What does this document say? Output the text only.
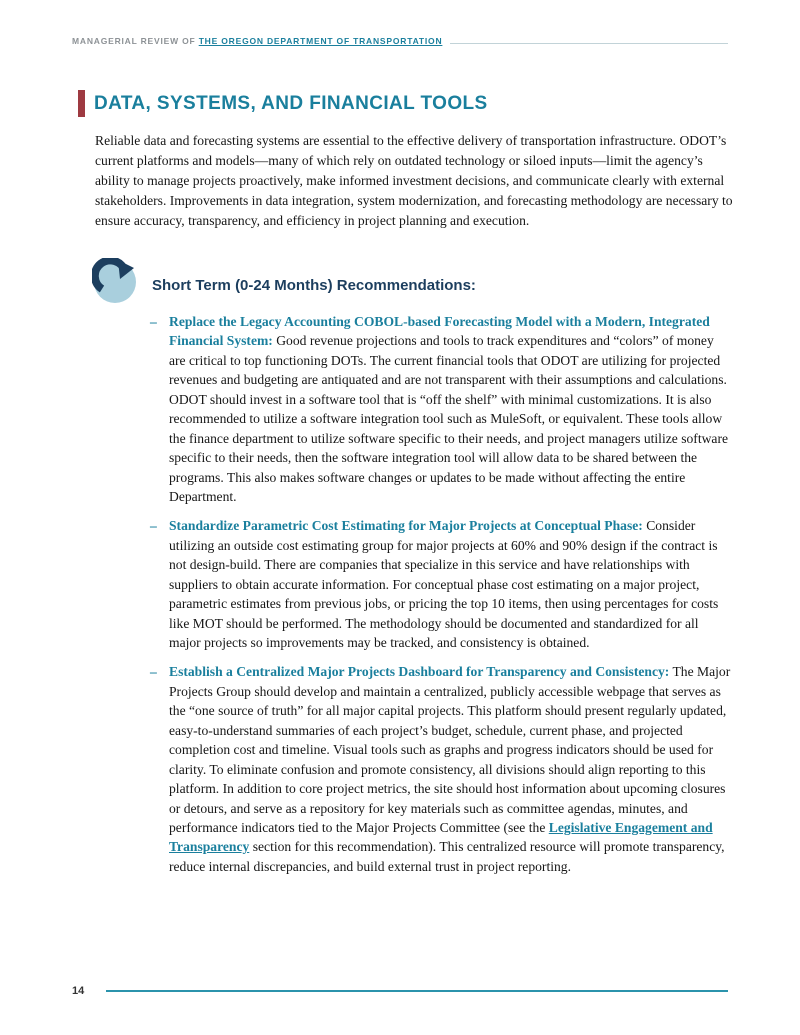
MANAGERIAL REVIEW OF THE OREGON DEPARTMENT OF TRANSPORTATION
DATA, SYSTEMS, AND FINANCIAL TOOLS

Reliable data and forecasting systems are essential to the effective delivery of transportation infrastructure. ODOT’s current platforms and models—many of which rely on outdated technology or siloed inputs—limit the agency’s ability to manage projects proactively, make informed investment decisions, and communicate clearly with external stakeholders. Improvements in data integration, system modernization, and forecasting methodology are necessary to ensure accuracy, transparency, and efficiency in project planning and execution.

Short Term (0-24 Months) Recommendations:
– Replace the Legacy Accounting COBOL-based Forecasting Model with a Modern, Integrated Financial System: Good revenue projections and tools to track expenditures and “colors” of money are critical to top functioning DOTs. The current financial tools that ODOT are utilizing for projected revenues and budgeting are antiquated and are not transparent with their assumptions and calculations. ODOT should invest in a software tool that is “off the shelf” with minimal customizations. It is also recommended to utilize a software integration tool such as MuleSoft, or equivalent. These tools allow the finance department to utilize software specific to their needs, and project managers utilize software specific to their needs, then the software integration tool will allow data to be shared between the programs. This also makes software changes or updates to be made without affecting the entire Department.
– Standardize Parametric Cost Estimating for Major Projects at Conceptual Phase: Consider utilizing an outside cost estimating group for major projects at 60% and 90% design if the contract is not design-build. There are companies that specialize in this service and have relationships with suppliers to obtain accurate information. For conceptual phase cost estimating on a major project, parametric estimates from previous jobs, or pricing the top 10 items, then using percentages for costs like MOT should be performed. The methodology should be documented and standardized for all major projects so improvements may be tracked, and consistency is obtained.
– Establish a Centralized Major Projects Dashboard for Transparency and Consistency: The Major Projects Group should develop and maintain a centralized, publicly accessible webpage that serves as the “one source of truth” for all major capital projects. This platform should present regularly updated, easy-to-understand summaries of each project’s budget, schedule, current phase, and projected completion cost and timeline. Visual tools such as graphs and progress indicators should be used for clarity. To eliminate confusion and promote consistency, all divisions should align reporting to this platform. In addition to core project metrics, the site should host information about upcoming closures or detours, and serve as a repository for key materials such as committee agendas, minutes, and performance indicators tied to the Major Projects Committee (see the Legislative Engagement and Transparency section for this recommendation). This centralized resource will promote transparency, reduce internal discrepancies, and build external trust in project reporting.
14
